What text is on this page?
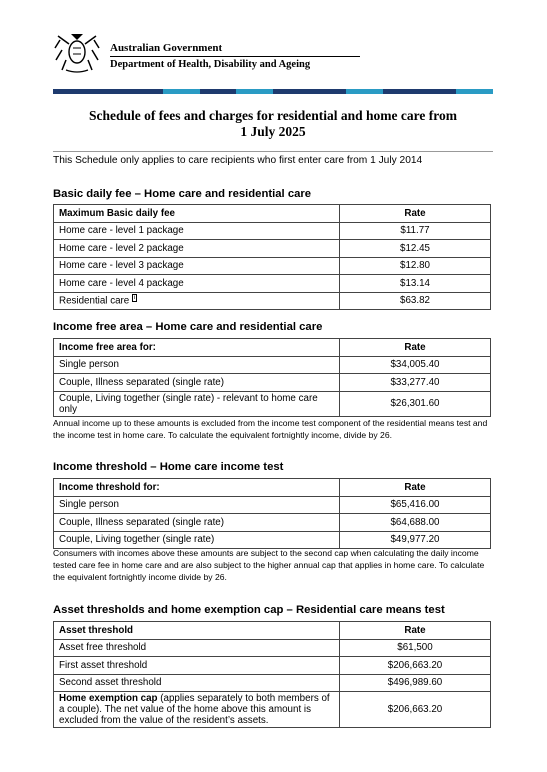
Australian Government
Department of Health, Disability and Ageing
Schedule of fees and charges for residential and home care from
1 July 2025
This Schedule only applies to care recipients who first enter care from 1 July 2014
Basic daily fee – Home care and residential care
Maximum Basic daily fee	Rate
Home care - level 1 package	$11.77
Home care - level 2 package	$12.45
Home care - level 3 package	$12.80
Home care - level 4 package	$13.14
Residential care $^i$	$63.82
Income free area – Home care and residential care
Income free area for:	Rate
Single person	$34,005.40
Couple, Illness separated (single rate)	$33,277.40
Couple, Living together (single rate) - relevant to home care only	$26,301.60
Annual income up to these amounts is excluded from the income test component of the residential means test and the income test in home care. To calculate the equivalent fortnightly income, divide by 26.
Income threshold – Home care income test
Income threshold for:	Rate
Single person	$65,416.00
Couple, Illness separated (single rate)	$64,688.00
Couple, Living together (single rate)	$49,977.20
Consumers with incomes above these amounts are subject to the second cap when calculating the daily income tested care fee in home care and are also subject to the higher annual cap that applies in home care. To calculate the equivalent fortnightly income divide by 26.
Asset thresholds and home exemption cap – Residential care means test
Asset threshold	Rate
Asset free threshold	$61,500
First asset threshold	$206,663.20
Second asset threshold	$496,989.60
Home exemption cap (applies separately to both members of a couple). The net value of the home above this amount is excluded from the value of the resident’s assets.	$206,663.20
